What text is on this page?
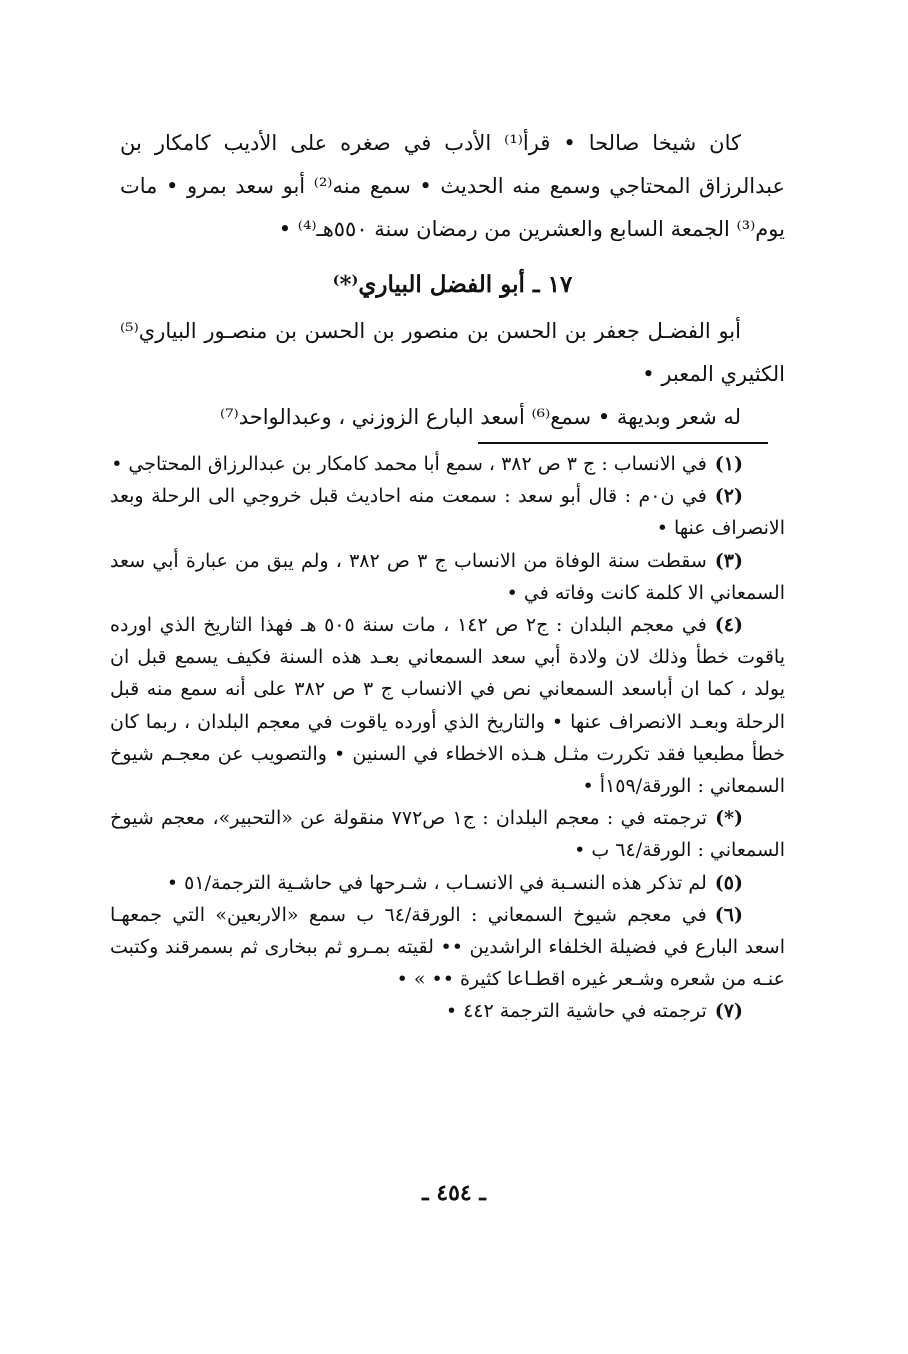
كان شيخا صالحا • قرأ⁽¹⁾ الأدب في صغره على الأديب كامكار بن عبدالرزاق المحتاجي وسمع منه الحديث • سمع منه⁽²⁾ أبو سعد بمرو • مات يوم⁽³⁾ الجمعة السابع والعشرين من رمضان سنة ٥٥٠هـ⁽⁴⁾ •

١٧ ـ أبو الفضل البياري⁽*⁾

أبو الفضـل جعفر بن الحسن بن منصور بن الحسن بن منصـور البياري⁽⁵⁾ الكثيري المعبر •

له شعر وبديهة • سمع⁽⁶⁾ أسعد البارع الزوزني ، وعبدالواحد⁽⁷⁾

(١)في الانساب : ج ٣ ص ٣٨٢ ، سمع أبا محمد كامكار بن عبدالرزاق المحتاجي •

(٢)في ن٠م : قال أبو سعد : سمعت منه احاديث قبل خروجي الى الرحلة وبعد الانصراف عنها •

(٣)سقطت سنة الوفاة من الانساب ج ٣ ص ٣٨٢ ، ولم يبق من عبارة أبي سعد السمعاني الا كلمة كانت وفاته في •

(٤)في معجم البلدان : ج٢ ص ١٤٢ ، مات سنة ٥٠٥ هـ فهذا التاريخ الذي اورده ياقوت خطأ وذلك لان ولادة أبي سعد السمعاني بعـد هذه السنة فكيف يسمع قبل ان يولد ، كما ان أباسعد السمعاني نص في الانساب ج ٣ ص ٣٨٢ على أنه سمع منه قبل الرحلة وبعـد الانصراف عنها • والتاريخ الذي أورده ياقوت في معجم البلدان ، ربما كان خطأ مطبعيا فقد تكررت مثـل هـذه الاخطاء في السنين • والتصويب عن معجـم شيوخ السمعاني : الورقة/١٥٩أ •

(*)ترجمته في : معجم البلدان : ج١ ص٧٧٢ منقولة عن «التحبير»، معجم شيوخ السمعاني : الورقة/٦٤ ب •

(٥)لم تذكر هذه النسـبة في الانسـاب ، شـرحها في حاشـية الترجمة/٥١ •

(٦)في معجم شيوخ السمعاني : الورقة/٦٤ ب سمع «الاربعين» التي جمعهـا اسعد البارع في فضيلة الخلفاء الراشدين •• لقيته بمـرو ثم ببخارى ثم بسمرقند وكتبت عنـه من شعره وشـعر غيره اقطـاعا كثيرة •• » •

(٧)ترجمته في حاشية الترجمة ٤٤٢ •

ـ ٤٥٤ ـ
